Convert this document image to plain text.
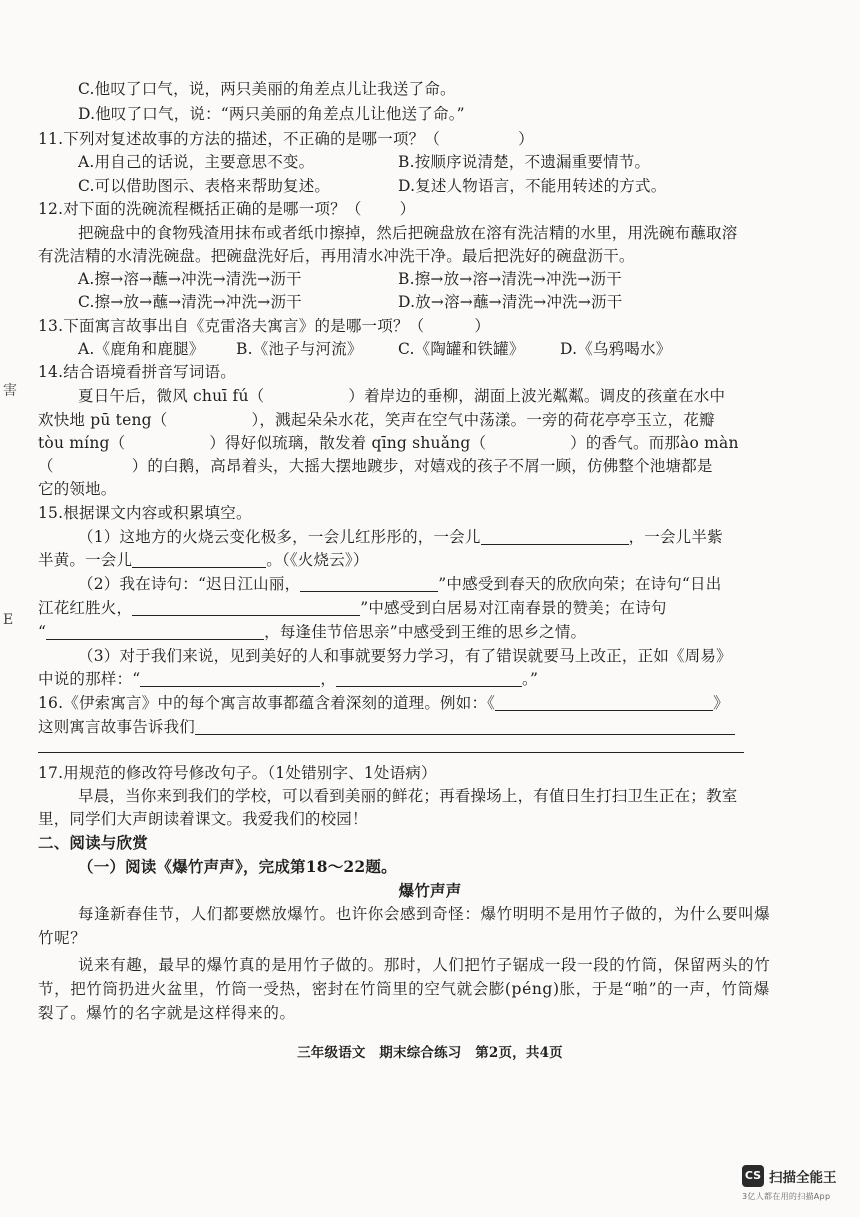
害
E
C.他叹了口气，说，两只美丽的角差点儿让我送了命。
D.他叹了口气，说：“两只美丽的角差点儿让他送了命。”
11.下列对复述故事的方法的描述，不正确的是哪一项？（	）
A.用自己的话说，主要意思不变。	B.按顺序说清楚，不遗漏重要情节。
C.可以借助图示、表格来帮助复述。	D.复述人物语言，不能用转述的方式。
12.对下面的洗碗流程概括正确的是哪一项？（ ）
把碗盘中的食物残渣用抹布或者纸巾擦掉，然后把碗盘放在溶有洗洁精的水里，用洗碗布蘸取溶
有洗洁精的水清洗碗盘。把碗盘洗好后，再用清水冲洗干净。最后把洗好的碗盘沥干。
A.擦→溶→蘸→冲洗→清洗→沥干	B.擦→放→溶→清洗→冲洗→沥干
C.擦→放→蘸→清洗→冲洗→沥干	D.放→溶→蘸→清洗→冲洗→沥干
13.下面寓言故事出自《克雷洛夫寓言》的是哪一项？（	）
A.《鹿角和鹿腿》 B.《池子与河流》 C.《陶罐和铁罐》 D.《乌鸦喝水》
14.结合语境看拼音写词语。
夏日午后，微风 chuī fú（	）着岸边的垂柳，湖面上波光粼粼。调皮的孩童在水中
欢快地 pū teng（	），溅起朵朵水花，笑声在空气中荡漾。一旁的荷花亭亭玉立，花瓣
tòu míng（	）得好似琉璃，散发着 qīng shuǎng（	）的香气。而那ào màn
（	）的白鹅，高昂着头，大摇大摆地踱步，对嬉戏的孩子不屑一顾，仿佛整个池塘都是
它的领地。
15.根据课文内容或积累填空。
（1）这地方的火烧云变化极多，一会儿红彤彤的，一会儿	，一会儿半紫
半黄。一会儿	。（《火烧云》）
（2）我在诗句：“迟日江山丽，	”中感受到春天的欣欣向荣；在诗句“日出
江花红胜火，	”中感受到白居易对江南春景的赞美；在诗句
“	，每逢佳节倍思亲”中感受到王维的思乡之情。
（3）对于我们来说，见到美好的人和事就要努力学习，有了错误就要马上改正，正如《周易》
中说的那样：“	，	。”
16.《伊索寓言》中的每个寓言故事都蕴含着深刻的道理。例如：《	》
这则寓言故事告诉我们
17.用规范的修改符号修改句子。（1处错别字、1处语病）
早晨，当你来到我们的学校，可以看到美丽的鲜花；再看操场上，有值日生打扫卫生正在；教室
里，同学们大声朗读着课文。我爱我们的校园！
二、阅读与欣赏
（一）阅读《爆竹声声》，完成第18～22题。
爆竹声声
每逢新春佳节，人们都要燃放爆竹。也许你会感到奇怪：爆竹明明不是用竹子做的，为什么要叫爆
竹呢？
说来有趣，最早的爆竹真的是用竹子做的。那时，人们把竹子锯成一段一段的竹筒，保留两头的竹
节，把竹筒扔进火盆里，竹筒一受热，密封在竹筒里的空气就会膨(péng)胀，于是“啪”的一声，竹筒爆
裂了。爆竹的名字就是这样得来的。
三年级语文　期末综合练习　第2页，共4页
CS 扫描全能王
3亿人都在用的扫描App
